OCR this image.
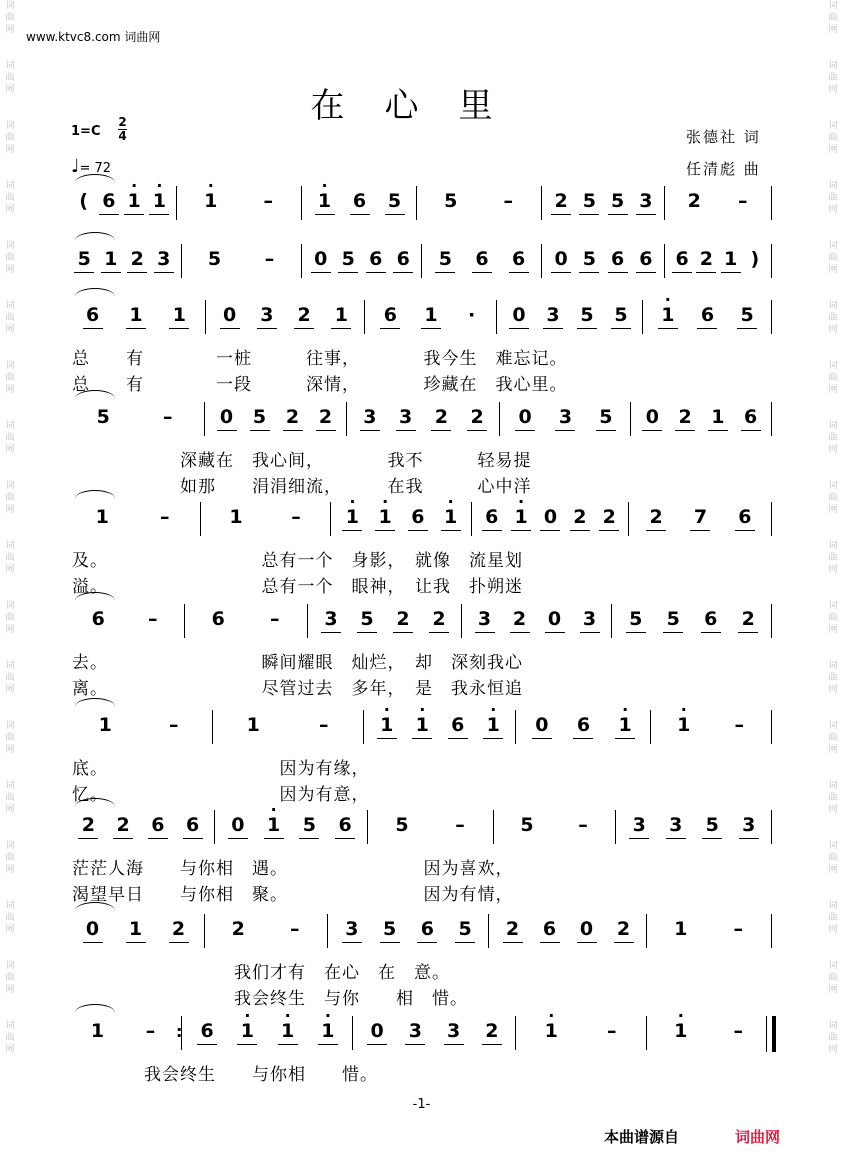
词
曲
网
词
曲
网
词
曲
网
词
曲
网
词
曲
网
词
曲
网
词
曲
网
词
曲
网
词
曲
网
词
曲
网
词
曲
网
词
曲
网
词
曲
网
词
曲
网
词
曲
网
词
曲
网
词
曲
网
词
曲
网
词
曲
网
词
曲
网
词
曲
网
词
曲
网
词
曲
网
词
曲
网
词
曲
网
词
曲
网
词
曲
网
词
曲
网
词
曲
网
词
曲
网
词
曲
网
词
曲
网
词
曲
网
词
曲
网
词
曲
网
词
曲
网
www.ktvc8.com 词曲网
在心里
1=C
2
4
♩= 72
张德社 词
任清彪 曲
( 6 · 1 · 1 · 1	–	· 1 6 5 5	–	2 5 5 3 2	–
5 1 2 3 5	–	0 5 6 6 5 6 6 0 5 6 6 6 2 1 )
6 1 1 0 3 2 1 6 1	·	0 3 5 5 · 1 6 5
总　　有　　　　一桩　　　往事，　　　　我今生　难忘记。
总　　有　　　　一段　　　深情，　　　　珍藏在　我心里。
5	–	0 5 2 2 3 3 2 2 0 3 5 0 2 1 6
　　　　　　深藏在　我心间，　　　　我不　　　轻易提
　　　　　　如那　　涓涓细流，　　　在我　　　心中洋
1	–	1	–	· 1 · 1 6 · 1 6 · 1 0 2 2 2 7 6
及。　　　　　　　　　总有一个　身影，　就像　流星划
溢。　　　　　　　　　总有一个　眼神，　让我　扑朔迷
6	–	6	–	3 5 2 2 3 2 0 3 5 5 6 2
去。　　　　　　　　　瞬间耀眼　灿烂，　却　深刻我心
离。　　　　　　　　　尽管过去　多年，　是　我永恒追
1	–	1	–	· 1 · 1 6 · 1 0 6 · 1 · 1	–
底。　　　　　　　　　　因为有缘，
忆。　　　　　　　　　　因为有意，
2 2 6 6 0 · 1 5 6 5	–	5	–	3 3 5 3
茫茫人海　　与你相　遇。　　　　　　　　因为喜欢，
渴望早日　　与你相　聚。　　　　　　　　因为有情，
0 1 2 2	–	3 5 6 5 2 6 0 2 1	–
　　　　　　　　　我们才有　在心　在　意。
　　　　　　　　　我会终生　与你　　相　惜。
1	–	6 · 1 · 1 · 1 0 3 3 2 · 1	–	· 1	–
　　　　我会终生　　与你相　　惜。
:
-1-
本曲谱源自	词曲网
